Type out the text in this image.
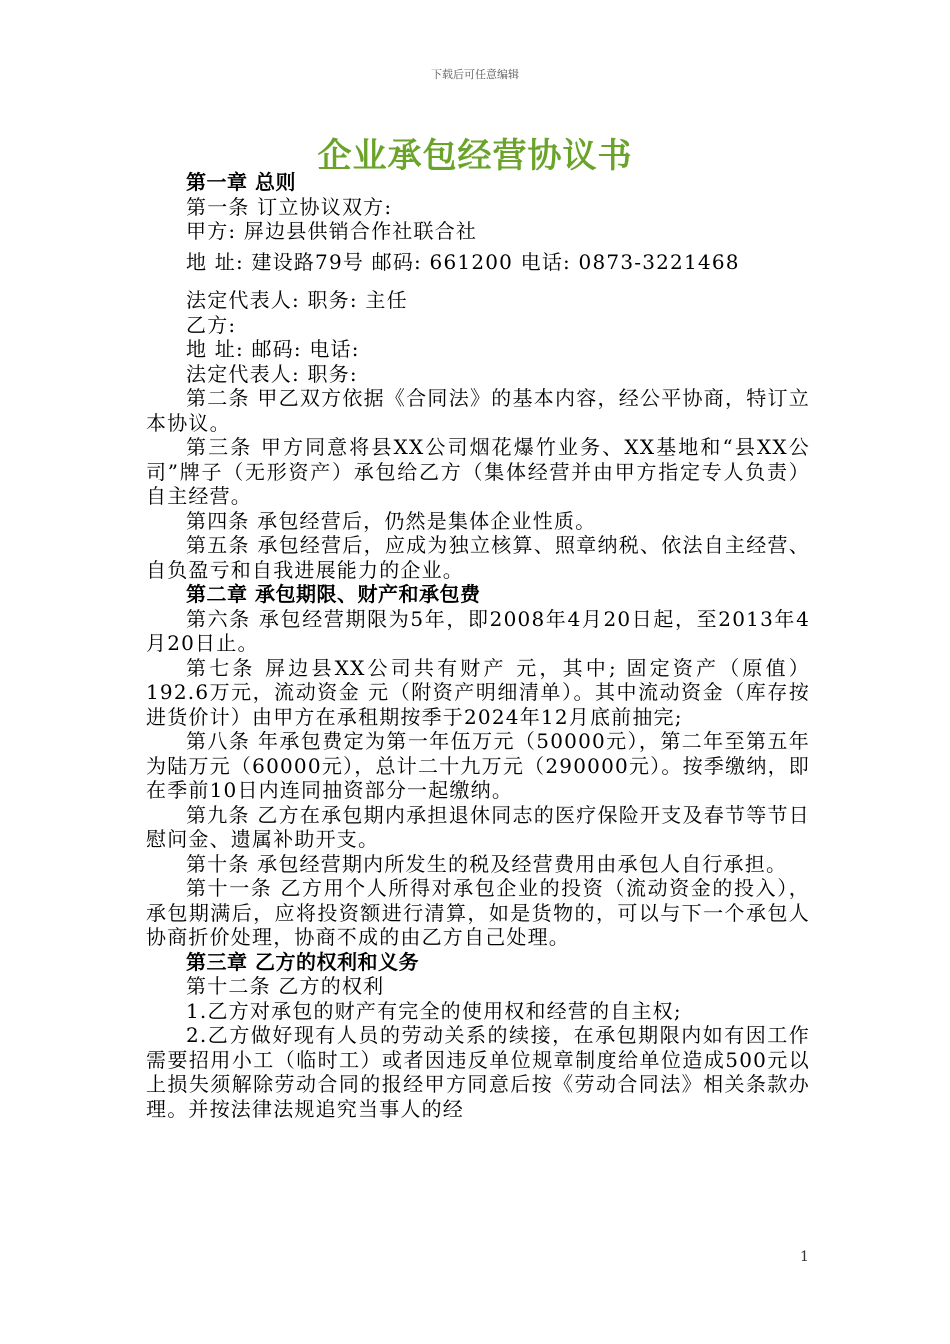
下载后可任意编辑
企业承包经营协议书

第一章 总则

第一条 订立协议双方:

甲方: 屏边县供销合作社联合社

地 址: 建设路79号 邮码: 661200 电话: 0873-3221468

法定代表人: 职务: 主任

乙方:

地 址: 邮码: 电话:

法定代表人: 职务:

第二条 甲乙双方依据《合同法》的基本内容，经公平协商，特订立本协议。

第三条 甲方同意将县XX公司烟花爆竹业务、XX基地和“县XX公司”牌子（无形资产）承包给乙方（集体经营并由甲方指定专人负责）自主经营。

第四条 承包经营后，仍然是集体企业性质。

第五条 承包经营后，应成为独立核算、照章纳税、依法自主经营、自负盈亏和自我进展能力的企业。

第二章 承包期限、财产和承包费

第六条 承包经营期限为5年，即2008年4月20日起，至2013年4月20日止。

第七条 屏边县XX公司共有财产 元，其中; 固定资产（原值）192.6万元，流动资金 元（附资产明细清单）。其中流动资金（库存按进货价计）由甲方在承租期按季于2024年12月底前抽完;

第八条 年承包费定为第一年伍万元（50000元），第二年至第五年为陆万元（60000元），总计二十九万元（290000元）。按季缴纳，即在季前10日内连同抽资部分一起缴纳。

第九条 乙方在承包期内承担退休同志的医疗保险开支及春节等节日慰问金、遗属补助开支。

第十条 承包经营期内所发生的税及经营费用由承包人自行承担。

第十一条 乙方用个人所得对承包企业的投资（流动资金的投入），承包期满后，应将投资额进行清算，如是货物的，可以与下一个承包人协商折价处理，协商不成的由乙方自己处理。

第三章 乙方的权利和义务

第十二条 乙方的权利

1.乙方对承包的财产有完全的使用权和经营的自主权;

2.乙方做好现有人员的劳动关系的续接，在承包期限内如有因工作需要招用小工（临时工）或者因违反单位规章制度给单位造成500元以上损失须解除劳动合同的报经甲方同意后按《劳动合同法》相关条款办理。并按法律法规追究当事人的经

1
